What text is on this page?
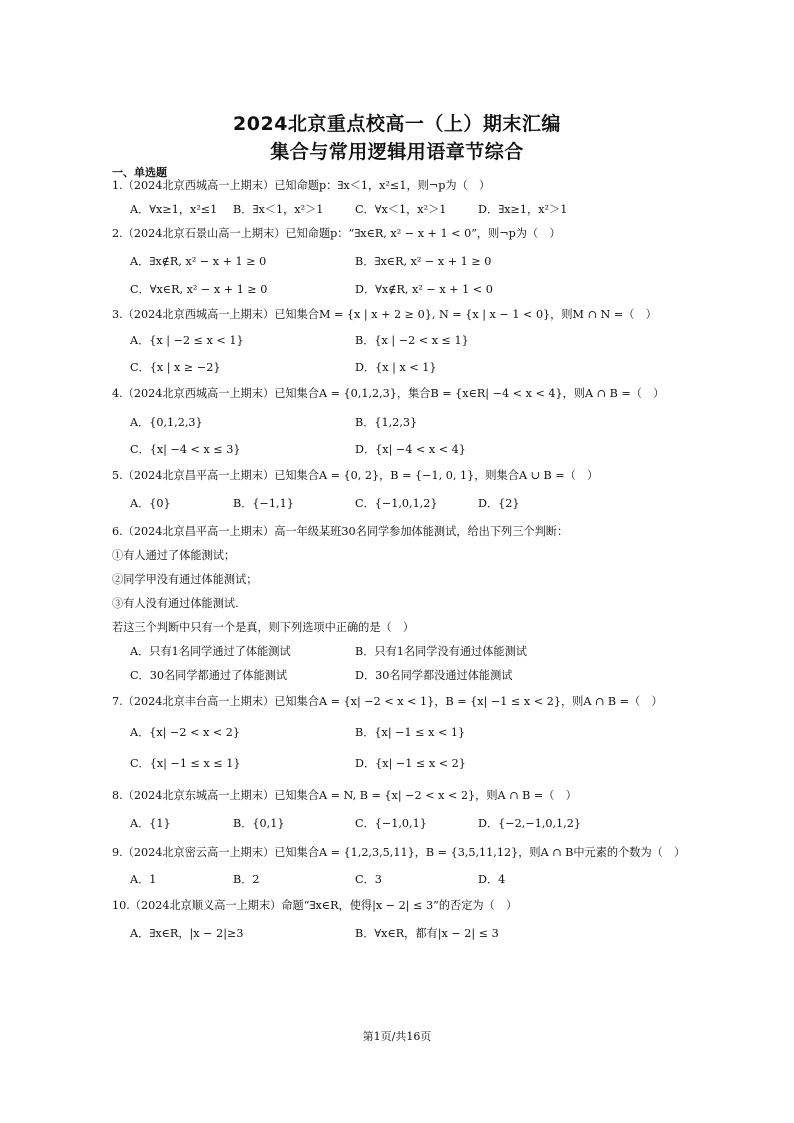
2024北京重点校高一（上）期末汇编
集合与常用逻辑用语章节综合
一、单选题
1.（2024北京西城高一上期末）已知命题p：∃x＜1，x²≤1，则¬p为（　）
A．∀x≥1，x²≤1 B．∃x＜1，x²＞1	C．∀x＜1，x²＞1	D．∃x≥1，x²＞1
2.（2024北京石景山高一上期末）已知命题p：“∃x∈R, x² − x + 1 < 0”，则¬p为（　）
A．∃x∉R, x² − x + 1 ≥ 0	B．∃x∈R, x² − x + 1 ≥ 0
C．∀x∈R, x² − x + 1 ≥ 0	D．∀x∉R, x² − x + 1 < 0
3.（2024北京西城高一上期末）已知集合M = {x | x + 2 ≥ 0}, N = {x | x − 1 < 0}，则M ∩ N =（　）
A．{x | −2 ≤ x < 1}	B．{x | −2 < x ≤ 1}
C．{x | x ≥ −2}	D．{x | x < 1}
4.（2024北京西城高一上期末）已知集合A = {0,1,2,3}，集合B = {x∈R| −4 < x < 4}，则A ∩ B =（　）
A．{0,1,2,3}	B．{1,2,3}
C．{x| −4 < x ≤ 3}	D．{x| −4 < x < 4}
5.（2024北京昌平高一上期末）已知集合A = {0, 2}，B = {−1, 0, 1}，则集合A ∪ B =（　）
A．{0}	B．{−1,1}	C．{−1,0,1,2}	D．{2}
6.（2024北京昌平高一上期末）高一年级某班30名同学参加体能测试，给出下列三个判断：
①有人通过了体能测试；
②同学甲没有通过体能测试；
③有人没有通过体能测试.
若这三个判断中只有一个是真，则下列选项中正确的是（　）
A．只有1名同学通过了体能测试	B．只有1名同学没有通过体能测试
C．30名同学都通过了体能测试	D．30名同学都没通过体能测试
7.（2024北京丰台高一上期末）已知集合A = {x| −2 < x < 1}，B = {x| −1 ≤ x < 2}，则A ∩ B =（　）
A．{x| −2 < x < 2}	B．{x| −1 ≤ x < 1}
C．{x| −1 ≤ x ≤ 1}	D．{x| −1 ≤ x < 2}
8.（2024北京东城高一上期末）已知集合A = N, B = {x| −2 < x < 2}，则A ∩ B =（　）
A．{1}	B．{0,1}	C．{−1,0,1}	D．{−2,−1,0,1,2}
9.（2024北京密云高一上期末）已知集合A = {1,2,3,5,11}，B = {3,5,11,12}，则A ∩ B中元素的个数为（　）
A．1	B．2	C．3	D．4
10.（2024北京顺义高一上期末）命题“∃x∈R，使得|x − 2| ≤ 3”的否定为（　）
A．∃x∈R，|x − 2|≥3	B．∀x∈R，都有|x − 2| ≤ 3
第1页/共16页
